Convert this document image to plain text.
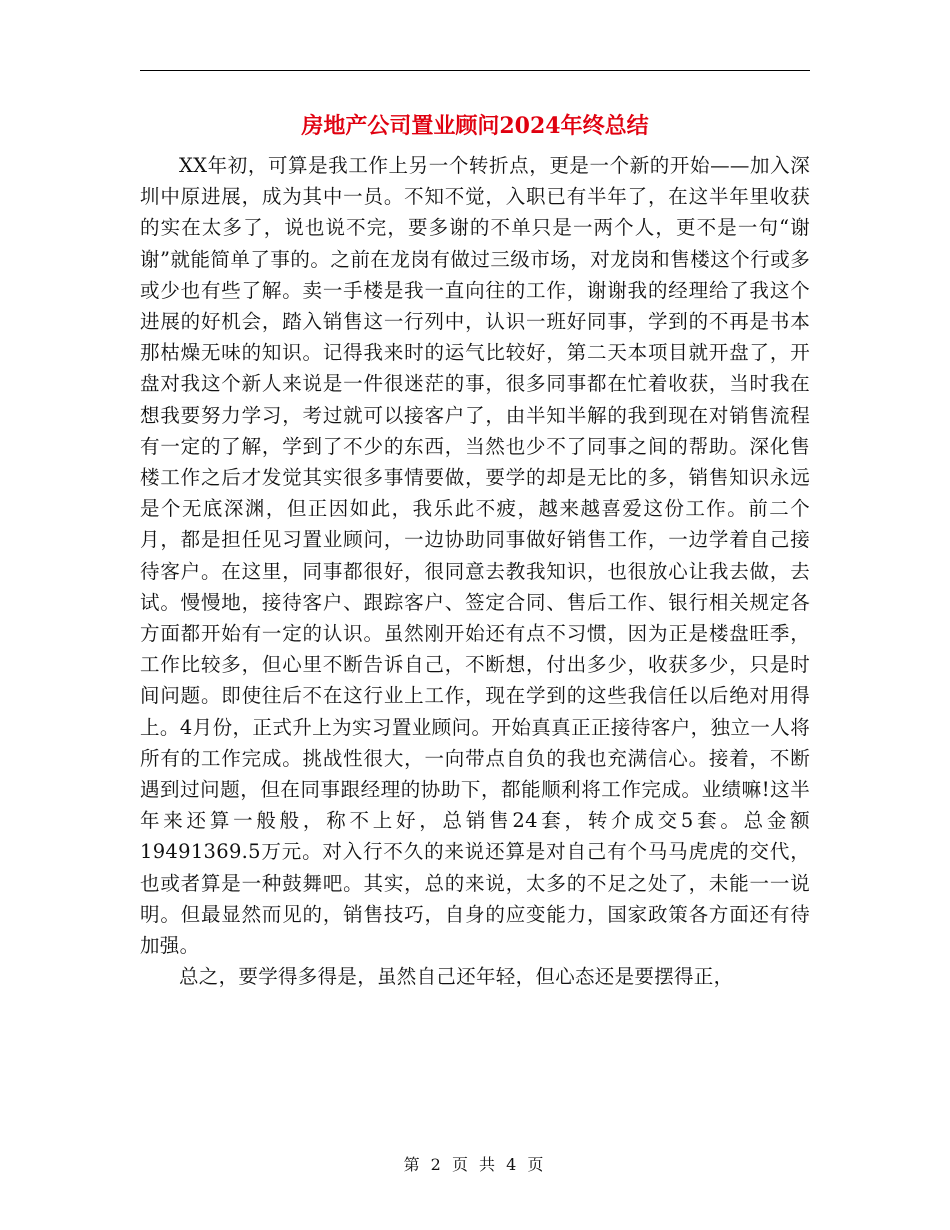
房地产公司置业顾问2024年终总结

XX年初，可算是我工作上另一个转折点，更是一个新的开始——加入深圳中原进展，成为其中一员。不知不觉，入职已有半年了，在这半年里收获的实在太多了，说也说不完，要多谢的不单只是一两个人，更不是一句“谢谢”就能简单了事的。之前在龙岗有做过三级市场，对龙岗和售楼这个行或多或少也有些了解。卖一手楼是我一直向往的工作，谢谢我的经理给了我这个进展的好机会，踏入销售这一行列中，认识一班好同事，学到的不再是书本那枯燥无味的知识。记得我来时的运气比较好，第二天本项目就开盘了，开盘对我这个新人来说是一件很迷茫的事，很多同事都在忙着收获，当时我在想我要努力学习，考过就可以接客户了，由半知半解的我到现在对销售流程有一定的了解，学到了不少的东西，当然也少不了同事之间的帮助。深化售楼工作之后才发觉其实很多事情要做，要学的却是无比的多，销售知识永远是个无底深渊，但正因如此，我乐此不疲，越来越喜爱这份工作。前二个月，都是担任见习置业顾问，一边协助同事做好销售工作，一边学着自己接待客户。在这里，同事都很好，很同意去教我知识，也很放心让我去做，去试。慢慢地，接待客户、跟踪客户、签定合同、售后工作、银行相关规定各方面都开始有一定的认识。虽然刚开始还有点不习惯，因为正是楼盘旺季，工作比较多，但心里不断告诉自己，不断想，付出多少，收获多少，只是时间问题。即使往后不在这行业上工作，现在学到的这些我信任以后绝对用得上。4月份，正式升上为实习置业顾问。开始真真正正接待客户，独立一人将所有的工作完成。挑战性很大，一向带点自负的我也充满信心。接着，不断遇到过问题，但在同事跟经理的协助下，都能顺利将工作完成。业绩嘛!这半年来还算一般般，称不上好，总销售24套，转介成交5套。总金额19491369.5万元。对入行不久的来说还算是对自己有个马马虎虎的交代，也或者算是一种鼓舞吧。其实，总的来说，太多的不足之处了，未能一一说明。但最显然而见的，销售技巧，自身的应变能力，国家政策各方面还有待加强。

总之，要学得多得是，虽然自己还年轻，但心态还是要摆得正，

第 2 页 共 4 页
